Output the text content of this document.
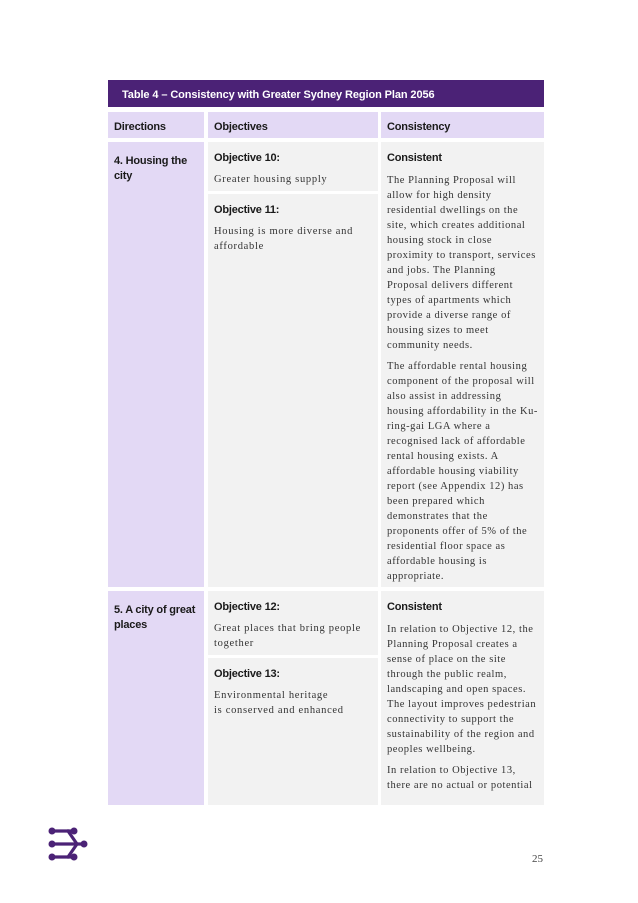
Table 4 – Consistency with Greater Sydney Region Plan 2056
Directions	Objectives	Consistency
4. Housing the city
Objective 10:
Greater housing supply
Objective 11:
Housing is more diverse and affordable
Consistent
The Planning Proposal will allow for high density residential dwellings on the site, which creates additional housing stock in close proximity to transport, services and jobs. The Planning Proposal delivers different types of apartments which provide a diverse range of housing sizes to meet community needs.
The affordable rental housing component of the proposal will also assist in addressing housing affordability in the Ku-ring-gai LGA where a recognised lack of affordable rental housing exists. A affordable housing viability report (see Appendix 12) has been prepared which demonstrates that the proponents offer of 5% of the residential floor space as affordable housing is appropriate.
5. A city of great places
Objective 12:
Great places that bring people together
Objective 13:
Environmental heritage
is conserved and enhanced
Consistent
In relation to Objective 12, the Planning Proposal creates a sense of place on the site through the public realm, landscaping and open spaces. The layout improves pedestrian connectivity to support the sustainability of the region and peoples wellbeing.
In relation to Objective 13, there are no actual or potential
25
